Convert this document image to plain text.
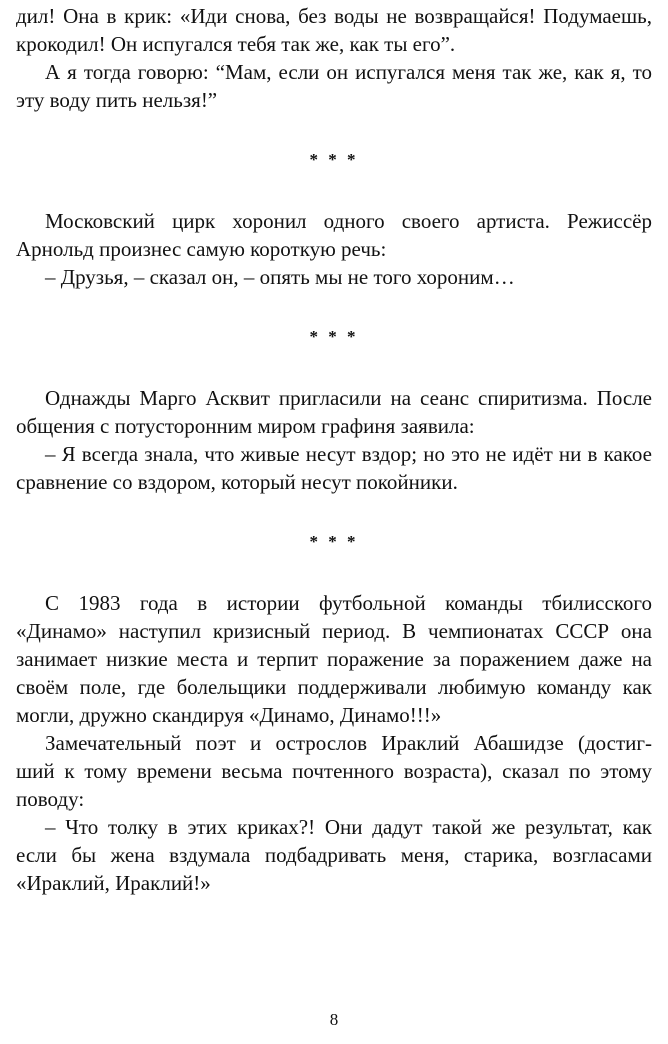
дил! Она в крик: «Иди снова, без воды не возвращайся! Подумаешь,
крокодил! Он испугался тебя так же, как ты его”.
А я тогда говорю: “Мам, если он испугался меня так же, как я, то
эту воду пить нельзя!”
* * *
Московский цирк хоронил одного своего артиста. Режиссёр
Арнольд произнес самую короткую речь:
– Друзья, – сказал он, – опять мы не того хороним…
* * *
Однажды Марго Асквит пригласили на сеанс спиритизма. После
общения с потусторонним миром графиня заявила:
– Я всегда знала, что живые несут вздор; но это не идёт ни в какое
сравнение со вздором, который несут покойники.
* * *
С 1983 года в истории футбольной команды тбилисского
«Динамо» наступил кризисный период. В чемпионатах СССР она
занимает низкие места и терпит поражение за поражением даже на
своём поле, где болельщики поддерживали любимую команду как
могли, дружно скандируя «Динамо, Динамо!!!»
Замечательный поэт и острослов Ираклий Абашидзе (достиг-
ший к тому времени весьма почтенного возраста), сказал по этому
поводу:
– Что толку в этих криках?! Они дадут такой же результат, как
если бы жена вздумала подбадривать меня, старика, возгласами
«Ираклий, Ираклий!»
8
